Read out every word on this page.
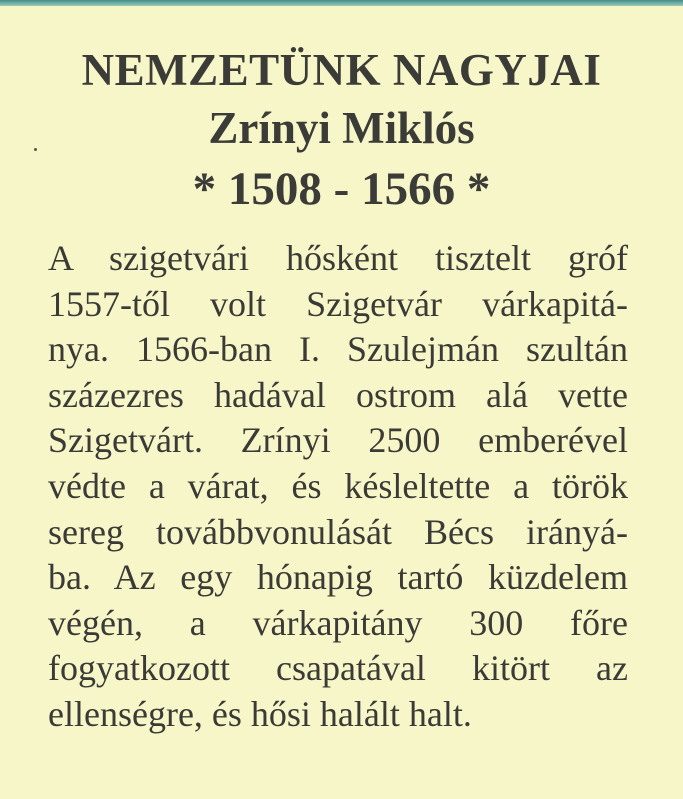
NEMZETÜNK NAGYJAI
Zrínyi Miklós
* 1508 - 1566 *
A szigetvári hősként tisztelt gróf
1557-től volt Szigetvár várkapitá-
nya. 1566-ban I. Szulejmán szultán
százezres hadával ostrom alá vette
Szigetvárt. Zrínyi 2500 emberével
védte a várat, és késleltette a török
sereg továbbvonulását Bécs irányá-
ba. Az egy hónapig tartó küzdelem
végén, a várkapitány 300 főre
fogyatkozott csapatával kitört az
ellenségre, és hősi halált halt.
